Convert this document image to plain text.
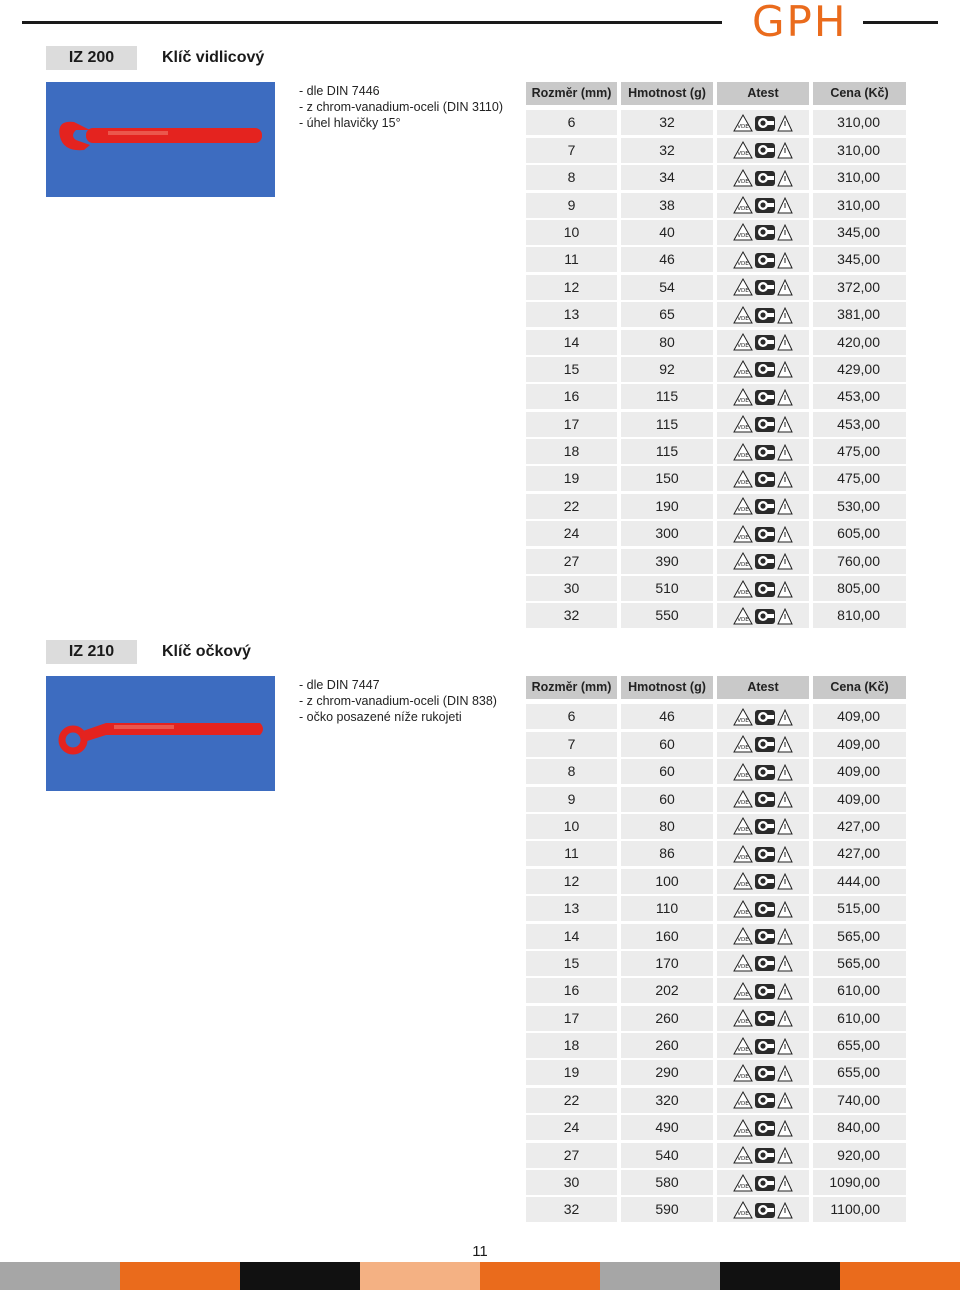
GPH
IZ 200	Klíč vidlicový
- dle DIN 7446
- z chrom-vanadium-oceli (DIN 3110)
- úhel hlavičky 15°
Rozměr (mm)	Hmotnost (g)	Atest	Cena (Kč)
6	32	VDE	310,00
7	32	VDE	310,00
8	34	VDE	310,00
9	38	VDE	310,00
10	40	VDE	345,00
11	46	VDE	345,00
12	54	VDE	372,00
13	65	VDE	381,00
14	80	VDE	420,00
15	92	VDE	429,00
16	115	VDE	453,00
17	115	VDE	453,00
18	115	VDE	475,00
19	150	VDE	475,00
22	190	VDE	530,00
24	300	VDE	605,00
27	390	VDE	760,00
30	510	VDE	805,00
32	550	VDE	810,00
IZ 210	Klíč očkový
- dle DIN 7447
- z chrom-vanadium-oceli (DIN 838)
- očko posazené níže rukojeti
Rozměr (mm)	Hmotnost (g)	Atest	Cena (Kč)
6	46	VDE	409,00
7	60	VDE	409,00
8	60	VDE	409,00
9	60	VDE	409,00
10	80	VDE	427,00
11	86	VDE	427,00
12	100	VDE	444,00
13	110	VDE	515,00
14	160	VDE	565,00
15	170	VDE	565,00
16	202	VDE	610,00
17	260	VDE	610,00
18	260	VDE	655,00
19	290	VDE	655,00
22	320	VDE	740,00
24	490	VDE	840,00
27	540	VDE	920,00
30	580	VDE	1090,00
32	590	VDE	1100,00
11
